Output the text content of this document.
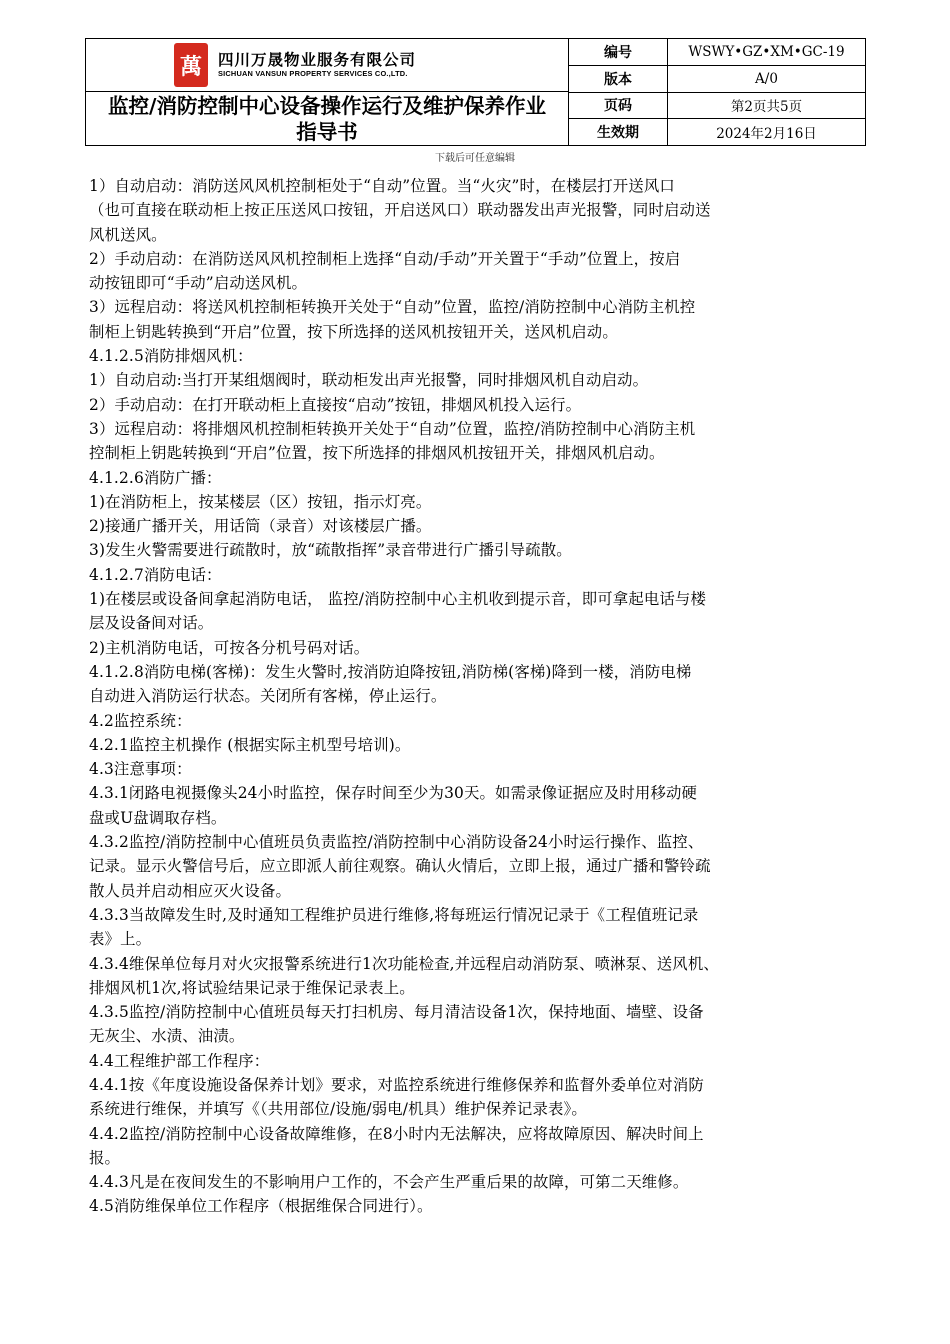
萬	四川万晟物业服务有限公司
SICHUAN VANSUN PROPERTY SERVICES CO.,LTD.
监控/消防控制中心设备操作运行及维护保养作业指导书
编号	WSWY•GZ•XM•GC-19
版本	A/0
页码	第2页共5页
生效期	2024年2月16日
下载后可任意编辑
1）自动启动：消防送风风机控制柜处于“自动”位置。当“火灾”时，在楼层打开送风口
（也可直接在联动柜上按正压送风口按钮，开启送风口）联动器发出声光报警，同时启动送
风机送风。
2）手动启动：在消防送风风机控制柜上选择“自动/手动”开关置于“手动”位置上，按启
动按钮即可“手动”启动送风机。
3）远程启动：将送风机控制柜转换开关处于“自动”位置，监控/消防控制中心消防主机控
制柜上钥匙转换到“开启”位置，按下所选择的送风机按钮开关，送风机启动。
4.1.2.5消防排烟风机：
1）自动启动:当打开某组烟阀时，联动柜发出声光报警，同时排烟风机自动启动。
2）手动启动：在打开联动柜上直接按“启动”按钮，排烟风机投入运行。
3）远程启动：将排烟风机控制柜转换开关处于“自动”位置，监控/消防控制中心消防主机
控制柜上钥匙转换到“开启”位置，按下所选择的排烟风机按钮开关，排烟风机启动。
4.1.2.6消防广播：
1)在消防柜上，按某楼层（区）按钮，指示灯亮。
2)接通广播开关，用话筒（录音）对该楼层广播。
3)发生火警需要进行疏散时，放“疏散指挥”录音带进行广播引导疏散。
4.1.2.7消防电话：
1)在楼层或设备间拿起消防电话， 监控/消防控制中心主机收到提示音，即可拿起电话与楼
层及设备间对话。
2)主机消防电话，可按各分机号码对话。
4.1.2.8消防电梯(客梯)：发生火警时,按消防迫降按钮,消防梯(客梯)降到一楼，消防电梯
自动进入消防运行状态。关闭所有客梯，停止运行。
4.2监控系统：
4.2.1监控主机操作 (根据实际主机型号培训)。
4.3注意事项：
4.3.1闭路电视摄像头24小时监控，保存时间至少为30天。如需录像证据应及时用移动硬
盘或U盘调取存档。
4.3.2监控/消防控制中心值班员负责监控/消防控制中心消防设备24小时运行操作、监控、
记录。显示火警信号后，应立即派人前往观察。确认火情后，立即上报，通过广播和警铃疏
散人员并启动相应灭火设备。
4.3.3当故障发生时,及时通知工程维护员进行维修,将每班运行情况记录于《工程值班记录
表》上。
4.3.4维保单位每月对火灾报警系统进行1次功能检查,并远程启动消防泵、喷淋泵、送风机、
排烟风机1次,将试验结果记录于维保记录表上。
4.3.5监控/消防控制中心值班员每天打扫机房、每月清洁设备1次，保持地面、墙壁、设备
无灰尘、水渍、油渍。
4.4工程维护部工作程序：
4.4.1按《年度设施设备保养计划》要求，对监控系统进行维修保养和监督外委单位对消防
系统进行维保，并填写《（共用部位/设施/弱电/机具）维护保养记录表》。
4.4.2监控/消防控制中心设备故障维修，在8小时内无法解决，应将故障原因、解决时间上
报。
4.4.3凡是在夜间发生的不影响用户工作的，不会产生严重后果的故障，可第二天维修。
4.5消防维保单位工作程序（根据维保合同进行）。
